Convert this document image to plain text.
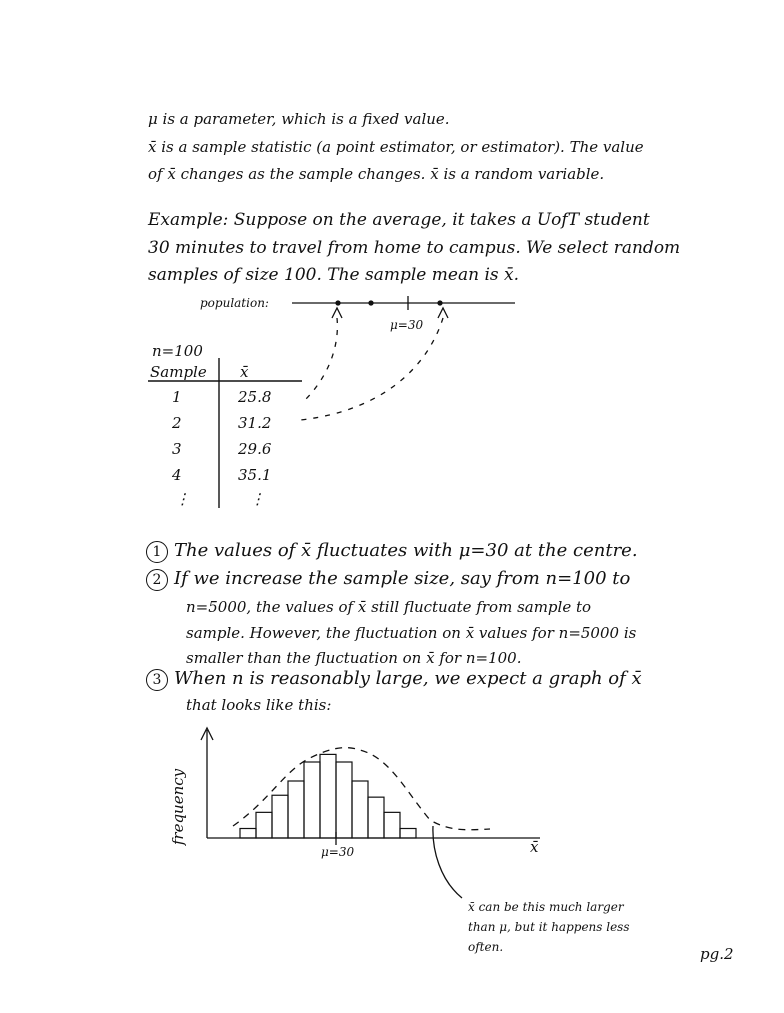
μ is a parameter, which is a fixed value.
x̄ is a sample statistic (a point estimator, or estimator). The value
of x̄ changes as the sample changes. x̄ is a random variable.
Example: Suppose on the average, it takes a UofT student
30 minutes to travel from home to campus. We select random
samples of size 100. The sample mean is x̄.
population:
μ=30
n=100
Sample x̄
1	25.8
2	31.2
3	29.6
4	35.1
⋮	⋮
1 The values of x̄ fluctuates with μ=30 at the centre.
2 If we increase the sample size, say from n=100 to
n=5000, the values of x̄ still fluctuate from sample to
sample. However, the fluctuation on x̄ values for n=5000 is
smaller than the fluctuation on x̄ for n=100.
3 When n is reasonably large, we expect a graph of x̄
that looks like this:
frequency
μ=30	x̄
x̄ can be this much larger
than μ, but it happens less
often.	pg.2
